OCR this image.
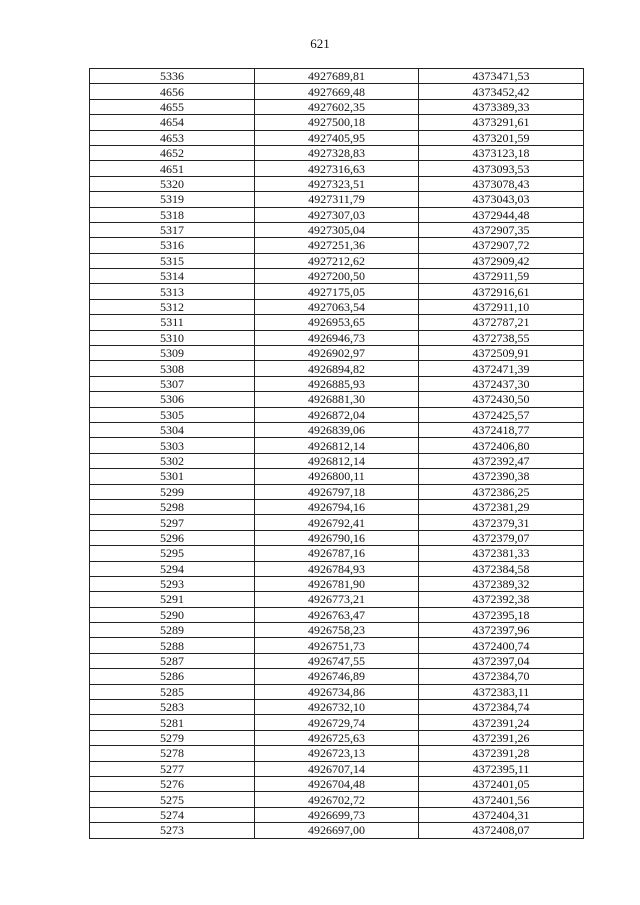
621
5336	4927689,81	4373471,53
4656	4927669,48	4373452,42
4655	4927602,35	4373389,33
4654	4927500,18	4373291,61
4653	4927405,95	4373201,59
4652	4927328,83	4373123,18
4651	4927316,63	4373093,53
5320	4927323,51	4373078,43
5319	4927311,79	4373043,03
5318	4927307,03	4372944,48
5317	4927305,04	4372907,35
5316	4927251,36	4372907,72
5315	4927212,62	4372909,42
5314	4927200,50	4372911,59
5313	4927175,05	4372916,61
5312	4927063,54	4372911,10
5311	4926953,65	4372787,21
5310	4926946,73	4372738,55
5309	4926902,97	4372509,91
5308	4926894,82	4372471,39
5307	4926885,93	4372437,30
5306	4926881,30	4372430,50
5305	4926872,04	4372425,57
5304	4926839,06	4372418,77
5303	4926812,14	4372406,80
5302	4926812,14	4372392,47
5301	4926800,11	4372390,38
5299	4926797,18	4372386,25
5298	4926794,16	4372381,29
5297	4926792,41	4372379,31
5296	4926790,16	4372379,07
5295	4926787,16	4372381,33
5294	4926784,93	4372384,58
5293	4926781,90	4372389,32
5291	4926773,21	4372392,38
5290	4926763,47	4372395,18
5289	4926758,23	4372397,96
5288	4926751,73	4372400,74
5287	4926747,55	4372397,04
5286	4926746,89	4372384,70
5285	4926734,86	4372383,11
5283	4926732,10	4372384,74
5281	4926729,74	4372391,24
5279	4926725,63	4372391,26
5278	4926723,13	4372391,28
5277	4926707,14	4372395,11
5276	4926704,48	4372401,05
5275	4926702,72	4372401,56
5274	4926699,73	4372404,31
5273	4926697,00	4372408,07
